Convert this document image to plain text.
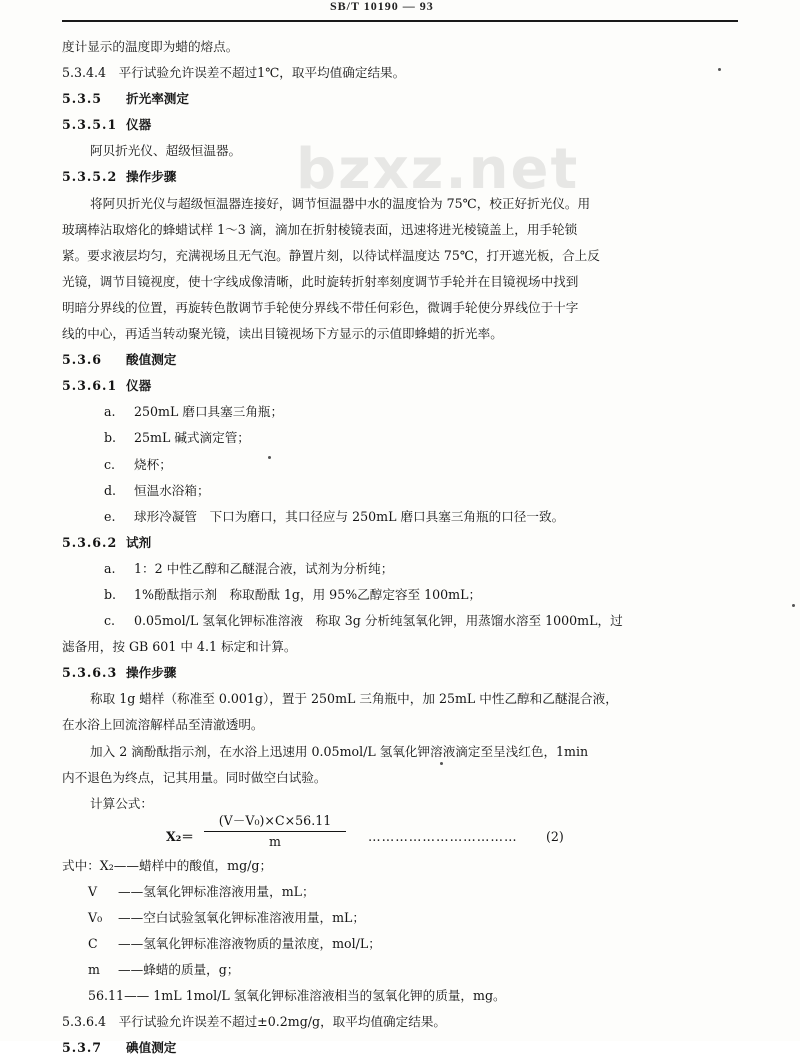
SB/T 10190 — 93
bzxz.net
度计显示的温度即为蜡的熔点。
5.3.4.4　平行试验允许误差不超过1℃，取平均值确定结果。
5.3.5 折光率测定
5.3.5.1 仪器
阿贝折光仪、超级恒温器。
5.3.5.2 操作步骤
将阿贝折光仪与超级恒温器连接好，调节恒温器中水的温度恰为 75℃，校正好折光仪。用
玻璃棒沾取熔化的蜂蜡试样 1～3 滴，滴加在折射棱镜表面，迅速将进光棱镜盖上，用手轮锁
紧。要求液层均匀，充满视场且无气泡。静置片刻，以待试样温度达 75℃，打开遮光板，合上反
光镜，调节目镜视度，使十字线成像清晰，此时旋转折射率刻度调节手轮并在目镜视场中找到
明暗分界线的位置，再旋转色散调节手轮使分界线不带任何彩色，微调手轮使分界线位于十字
线的中心，再适当转动聚光镜，读出目镜视场下方显示的示值即蜂蜡的折光率。
5.3.6 酸值测定
5.3.6.1 仪器
a. 250mL 磨口具塞三角瓶；
b. 25mL 碱式滴定管；
c. 烧杯；
d. 恒温水浴箱；
e. 球形冷凝管　下口为磨口，其口径应与 250mL 磨口具塞三角瓶的口径一致。
5.3.6.2 试剂
a. 1：2 中性乙醇和乙醚混合液，试剂为分析纯；
b. 1%酚酞指示剂　称取酚酞 1g，用 95%乙醇定容至 100mL；
c. 0.05mol/L 氢氧化钾标准溶液　称取 3g 分析纯氢氧化钾，用蒸馏水溶至 1000mL，过
滤备用，按 GB 601 中 4.1 标定和计算。
5.3.6.3 操作步骤
称取 1g 蜡样（称准至 0.001g），置于 250mL 三角瓶中，加 25mL 中性乙醇和乙醚混合液，
在水浴上回流溶解样品至清澈透明。
加入 2 滴酚酞指示剂，在水浴上迅速用 0.05mol/L 氢氧化钾溶液滴定至呈浅红色，1min
内不退色为终点，记其用量。同时做空白试验。
计算公式：
$X_2= \frac{\text{(V－V₀)×C×56.11}}{m}$ …………………………… (2)
式中：X₂——蜡样中的酸值，mg/g；
V ——氢氧化钾标准溶液用量，mL；
V₀ ——空白试验氢氧化钾标准溶液用量，mL；
C ——氢氧化钾标准溶液物质的量浓度，mol/L；
m ——蜂蜡的质量，g；
56.11—— 1mL 1mol/L 氢氧化钾标准溶液相当的氢氧化钾的质量，mg。
5.3.6.4　平行试验允许误差不超过±0.2mg/g，取平均值确定结果。
5.3.7 碘值测定
